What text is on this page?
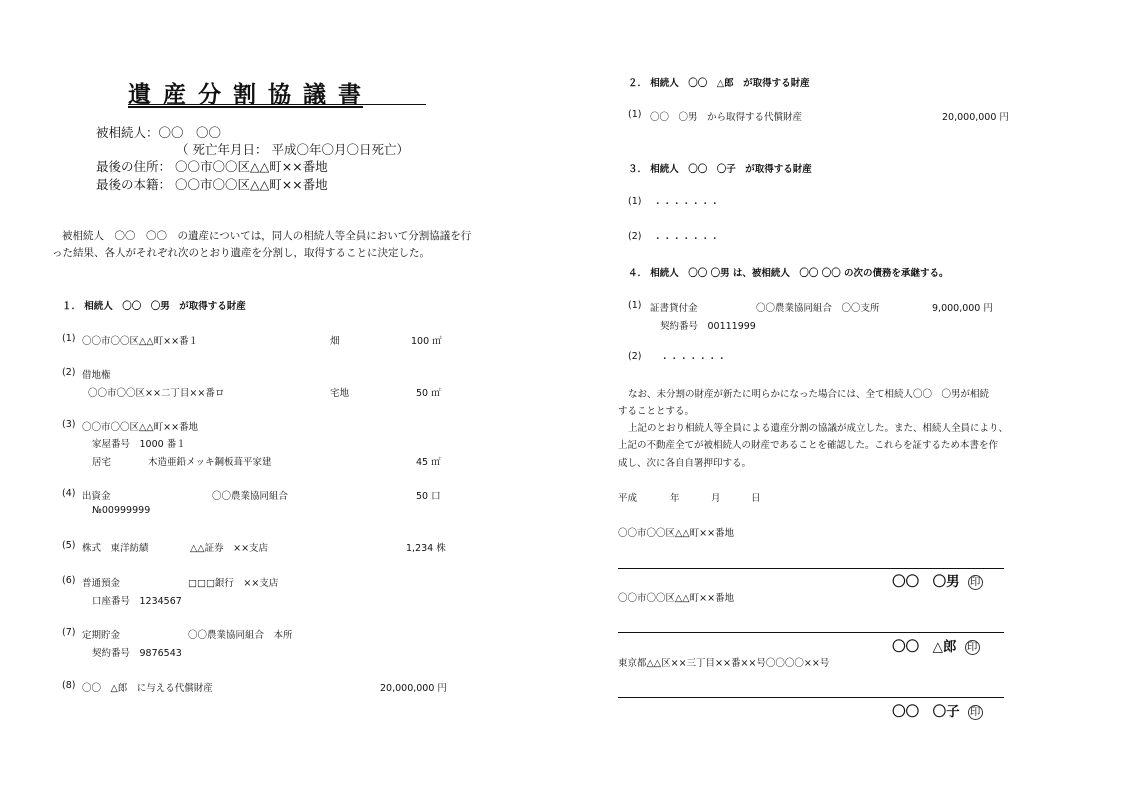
遺 産 分 割 協 議 書
被相続人：〇〇　〇〇
（ 死亡年月日： 平成〇年〇月〇日死亡）
最後の住所： 〇〇市〇〇区△△町××番地
最後の本籍： 〇〇市〇〇区△△町××番地
被相続人　〇〇　〇〇　の遺産については，同人の相続人等全員において分割協議を行
った結果、各人がそれぞれ次のとおり遺産を分割し，取得することに決定した。
１． 相続人　〇〇　〇男　が取得する財産
(1) 〇〇市〇〇区△△町××番１	畑	100 ㎡
(2) 借地権
〇〇市〇〇区××二丁目××番ロ	宅地	50 ㎡
(3) 〇〇市〇〇区△△町××番地
家屋番号　1000 番１
居宅	木造亜鉛メッキ鋼板葺平家建	45 ㎡
(4) 出資金	〇〇農業協同組合	50 口
№00999999
(5) 株式　東洋紡績	△△証券　××支店	1,234 株
(6) 普通預金	□□□銀行　××支店
口座番号　1234567
(7) 定期貯金	〇〇農業協同組合　本所
契約番号　9876543
(8) 〇〇　△郎　に与える代償財産	20,000,000 円
２． 相続人　〇〇　△郎　が取得する財産
(1) 〇〇　〇男　から取得する代償財産	20,000,000 円
３． 相続人　〇〇　〇子　が取得する財産
(1) ・・・・・・・
(2) ・・・・・・・
４． 相続人　〇〇 〇男 は、被相続人　〇〇 〇〇 の次の債務を承継する。
(1) 証書貸付金	〇〇農業協同組合　〇〇支所	9,000,000 円
契約番号　00111999
(2) ・・・・・・・
なお、未分割の財産が新たに明らかになった場合には、全て相続人〇〇　〇男が相続
することとする。
上記のとおり相続人等全員による遺産分割の協議が成立した。また、相続人全員により、
上記の不動産全てが被相続人の財産であることを確認した。これらを証するため本書を作
成し、次に各自自署押印する。
平成	年	月	日
〇〇市〇〇区△△町××番地

〇〇　〇男 印

〇〇市〇〇区△△町××番地

〇〇　△郎 印

東京都△△区××三丁目××番××号〇〇〇〇××号

〇〇　〇子 印
